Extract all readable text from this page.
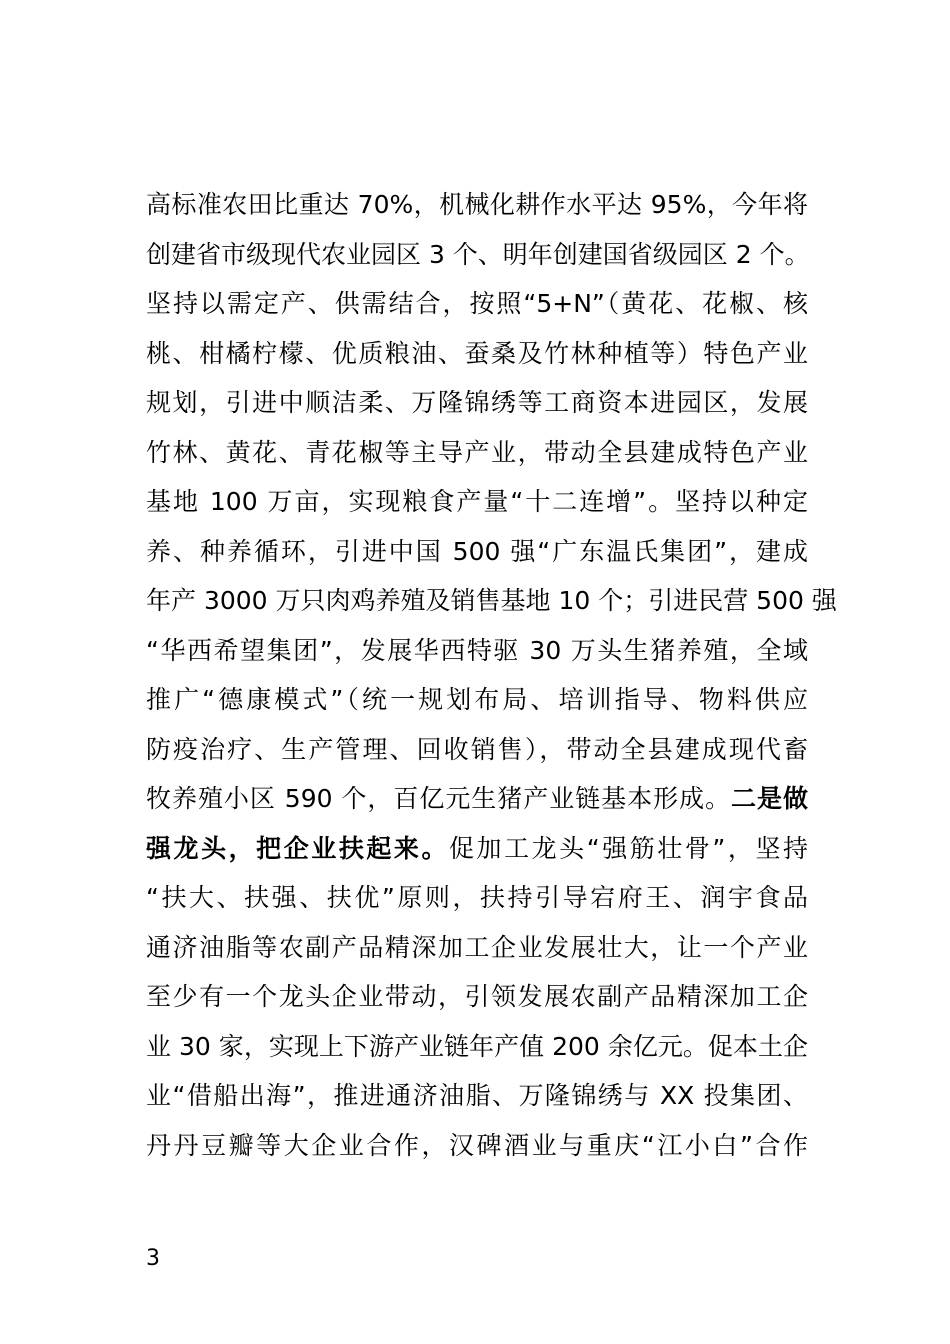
高标准农田比重达 70%，机械化耕作水平达 95%，今年将
创建省市级现代农业园区 3 个、明年创建国省级园区 2 个。
坚持以需定产、供需结合，按照“5+N”（黄花、花椒、核
桃、柑橘柠檬、优质粮油、蚕桑及竹林种植等）特色产业
规划，引进中顺洁柔、万隆锦绣等工商资本进园区，发展
竹林、黄花、青花椒等主导产业，带动全县建成特色产业
基地 100 万亩，实现粮食产量“十二连增”。坚持以种定
养、种养循环，引进中国 500 强“广东温氏集团”，建成
年产 3000 万只肉鸡养殖及销售基地 10 个；引进民营 500 强
“华西希望集团”，发展华西特驱 30 万头生猪养殖，全域
推广“德康模式”（统一规划布局、培训指导、物料供应
防疫治疗、生产管理、回收销售），带动全县建成现代畜
牧养殖小区 590 个，百亿元生猪产业链基本形成。二是做
强龙头，把企业扶起来。促加工龙头“强筋壮骨”，坚持
“扶大、扶强、扶优”原则，扶持引导宕府王、润宇食品
通济油脂等农副产品精深加工企业发展壮大，让一个产业
至少有一个龙头企业带动，引领发展农副产品精深加工企
业 30 家，实现上下游产业链年产值 200 余亿元。促本土企
业“借船出海”，推进通济油脂、万隆锦绣与 XX 投集团、
丹丹豆瓣等大企业合作，汉碑酒业与重庆“江小白”合作
3
